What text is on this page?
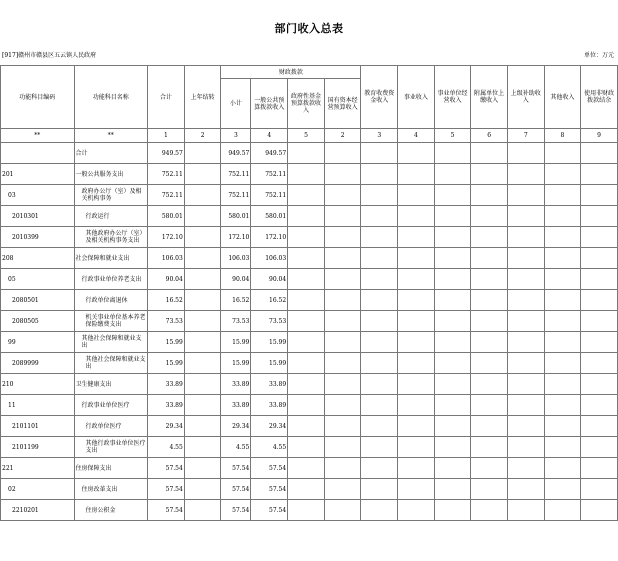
部门收入总表
[917]赣州市赣县区五云镇人民政府	单位：万元
功能科目编码	功能科目名称	合计	上年结转	财政拨款				教育收费资金收入	事业收入	事业单位经营收入	附属单位上缴收入	上级补助收入	其他收入	使用非财政拨款结余
				小计	一般公共预算拨款收入	政府性基金预算拨款收入	国有资本经营预算收入							
**	**	1	2	3	4	5	2	3	4	5	6	7	8	9
	合计	949.57		949.57	949.57									
201	一般公共服务支出	752.11		752.11	752.11									
03	政府办公厅（室）及相关机构事务	752.11		752.11	752.11									
2010301	行政运行	580.01		580.01	580.01									
2010399	其他政府办公厅（室）及相关机构事务支出	172.10		172.10	172.10									
208	社会保障和就业支出	106.03		106.03	106.03									
05	行政事业单位养老支出	90.04		90.04	90.04									
2080501	行政单位离退休	16.52		16.52	16.52									
2080505	机关事业单位基本养老保险缴费支出	73.53		73.53	73.53									
99	其他社会保障和就业支出	15.99		15.99	15.99									
2089999	其他社会保障和就业支出	15.99		15.99	15.99									
210	卫生健康支出	33.89		33.89	33.89									
11	行政事业单位医疗	33.89		33.89	33.89									
2101101	行政单位医疗	29.34		29.34	29.34									
2101199	其他行政事业单位医疗支出	4.55		4.55	4.55									
221	住房保障支出	57.54		57.54	57.54									
02	住房改革支出	57.54		57.54	57.54									
2210201	住房公积金	57.54		57.54	57.54									
